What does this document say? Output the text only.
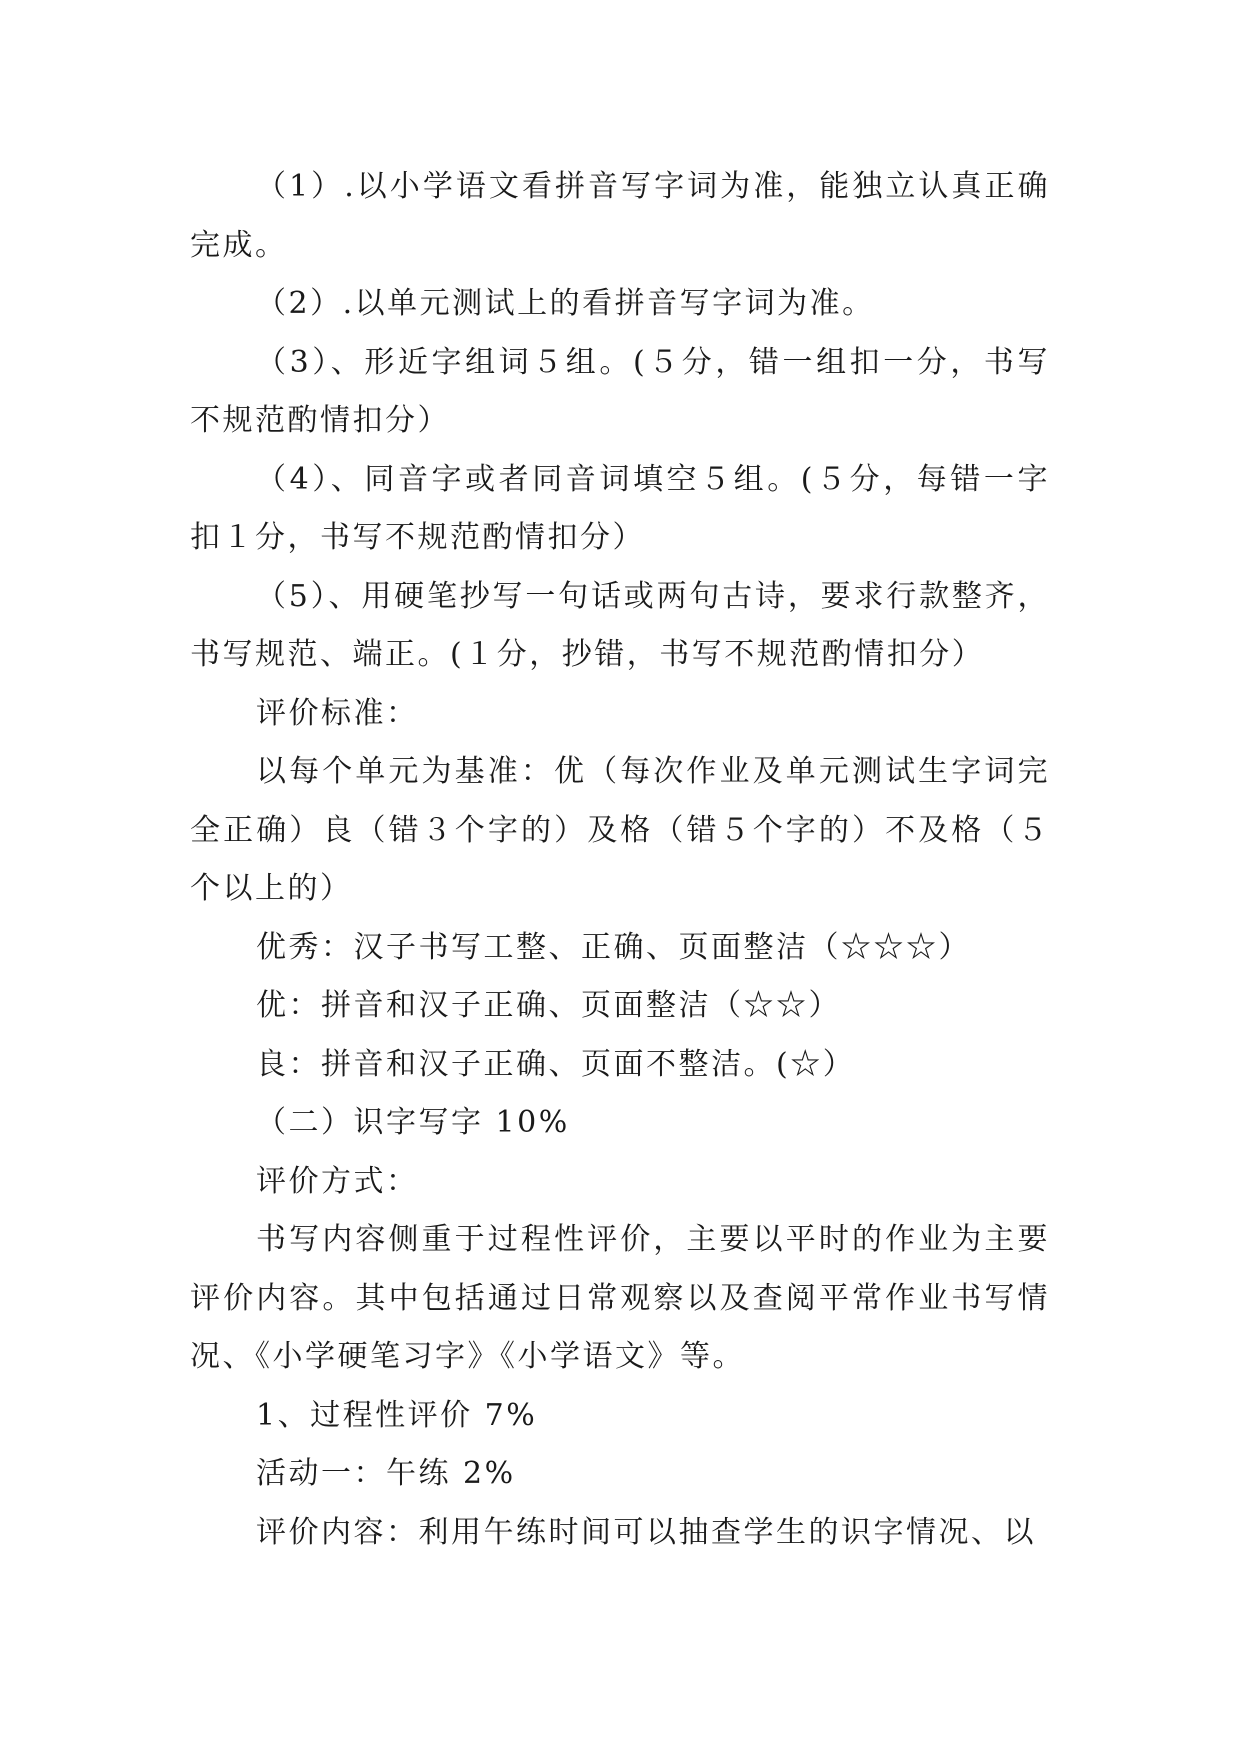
（1）.以小学语文看拼音写字词为准，能独立认真正确完成。

（2）.以单元测试上的看拼音写字词为准。

（3）、形近字组词５组。(５分，错一组扣一分，书写不规范酌情扣分）

（4）、同音字或者同音词填空５组。(５分，每错一字扣１分，书写不规范酌情扣分）

（5）、用硬笔抄写一句话或两句古诗，要求行款整齐，书写规范、端正。(１分，抄错，书写不规范酌情扣分）

评价标准：

以每个单元为基准：优（每次作业及单元测试生字词完全正确）良（错３个字的）及格（错５个字的）不及格（５个以上的）

优秀：汉子书写工整、正确、页面整洁（☆☆☆）

优：拼音和汉子正确、页面整洁（☆☆）

良：拼音和汉子正确、页面不整洁。(☆）

（二）识字写字 10%

评价方式：

书写内容侧重于过程性评价，主要以平时的作业为主要评价内容。其中包括通过日常观察以及查阅平常作业书写情况、《小学硬笔习字》《小学语文》等。

1、过程性评价 7%

活动一：午练 2%

评价内容：利用午练时间可以抽查学生的识字情况、以
